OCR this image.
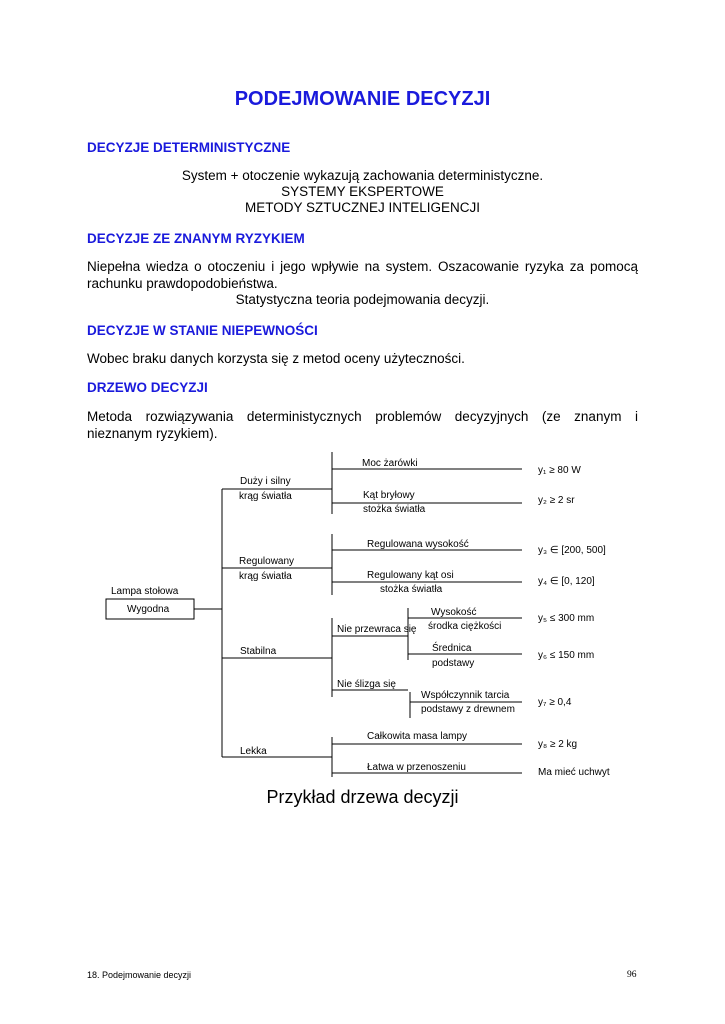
PODEJMOWANIE DECYZJI
DECYZJE DETERMINISTYCZNE
System + otoczenie wykazują zachowania deterministyczne.
SYSTEMY EKSPERTOWE
METODY SZTUCZNEJ INTELIGENCJI
DECYZJE ZE ZNANYM RYZYKIEM

Niepełna wiedza o otoczeniu i jego wpływie na system. Oszacowanie ryzyka za pomocą rachunku prawdopodobieństwa.

Statystyczna teoria podejmowania decyzji.
DECYZJE W STANIE NIEPEWNOŚCI

Wobec braku danych korzysta się z metod oceny użyteczności.

DRZEWO DECYZJI

Metoda rozwiązywania deterministycznych problemów decyzyjnych (ze znanym i nieznanym ryzykiem).

Lampa stołowa
Wygodna
Duży i silny
krąg światła
Regulowany
krąg światła
Stabilna
Lekka
Moc żarówki
Kąt bryłowy
stożka światła
Regulowana wysokość
Regulowany kąt osi
stożka światła
Nie przewraca się
Nie ślizga się
Całkowita masa lampy
Łatwa w przenoszeniu
Wysokość
środka ciężkości
Średnica
podstawy
Współczynnik tarcia
podstawy z drewnem
y₁ ≥ 80 W
y₂ ≥ 2 sr
y₃ ∈ [200, 500]
y₄ ∈ [0, 120]
y₅ ≤ 300 mm
y₆ ≤ 150 mm
y₇ ≥ 0,4
y₈ ≥ 2 kg
Ma mieć uchwyt
Przykład drzewa decyzji
18. Podejmowanie decyzji	96
